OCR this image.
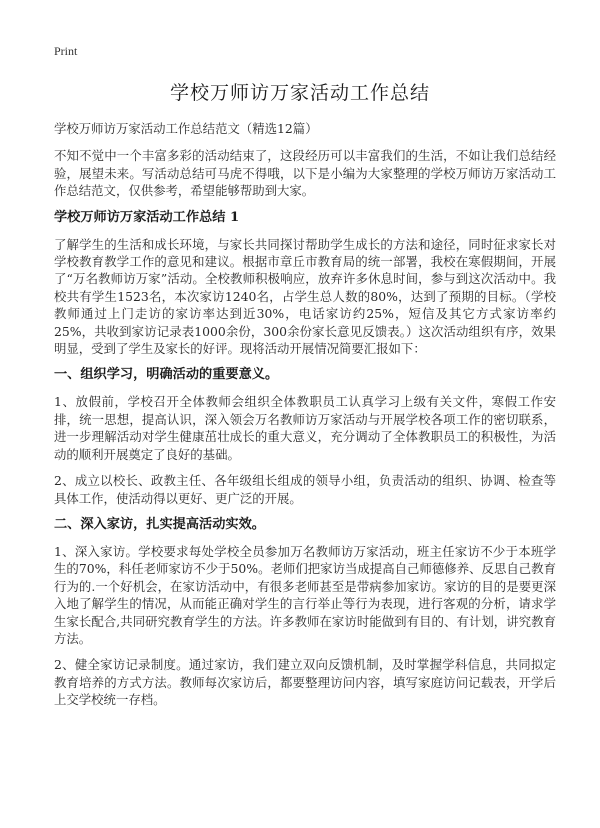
Print
学校万师访万家活动工作总结

学校万师访万家活动工作总结范文（精选12篇）

不知不觉中一个丰富多彩的活动结束了，这段经历可以丰富我们的生活，不如让我们总结经验，展望未来。写活动总结可马虎不得哦，以下是小编为大家整理的学校万师访万家活动工作总结范文，仅供参考，希望能够帮助到大家。

学校万师访万家活动工作总结 1

了解学生的生活和成长环境，与家长共同探讨帮助学生成长的方法和途径，同时征求家长对学校教育教学工作的意见和建议。根据市章丘市教育局的统一部署，我校在寒假期间，开展了“万名教师访万家”活动。全校教师积极响应，放弃许多休息时间，参与到这次活动中。我校共有学生1523名，本次家访1240名，占学生总人数的80%，达到了预期的目标。（学校教师通过上门走访的家访率达到近30%，电话家访约25%，短信及其它方式家访率约25%，共收到家访记录表1000余份，300余份家长意见反馈表。）这次活动组织有序，效果明显，受到了学生及家长的好评。现将活动开展情况简要汇报如下：

一、组织学习，明确活动的重要意义。

1、放假前，学校召开全体教师会组织全体教职员工认真学习上级有关文件，寒假工作安排，统一思想，提高认识，深入领会万名教师访万家活动与开展学校各项工作的密切联系，进一步理解活动对学生健康茁壮成长的重大意义，充分调动了全体教职员工的积极性，为活动的顺利开展奠定了良好的基础。

2、成立以校长、政教主任、各年级组长组成的领导小组，负责活动的组织、协调、检查等具体工作，使活动得以更好、更广泛的开展。

二、深入家访，扎实提高活动实效。

1、深入家访。学校要求每处学校全员参加万名教师访万家活动，班主任家访不少于本班学生的70%，科任老师家访不少于50%。老师们把家访当成提高自己师德修养、反思自己教育行为的.一个好机会，在家访活动中，有很多老师甚至是带病参加家访。家访的目的是要更深入地了解学生的情况，从而能正确对学生的言行举止等行为表现，进行客观的分析，请求学生家长配合,共同研究教育学生的方法。许多教师在家访时能做到有目的、有计划，讲究教育方法。

2、健全家访记录制度。通过家访，我们建立双向反馈机制，及时掌握学科信息，共同拟定教育培养的方式方法。教师每次家访后，都要整理访问内容，填写家庭访问记载表，开学后上交学校统一存档。
